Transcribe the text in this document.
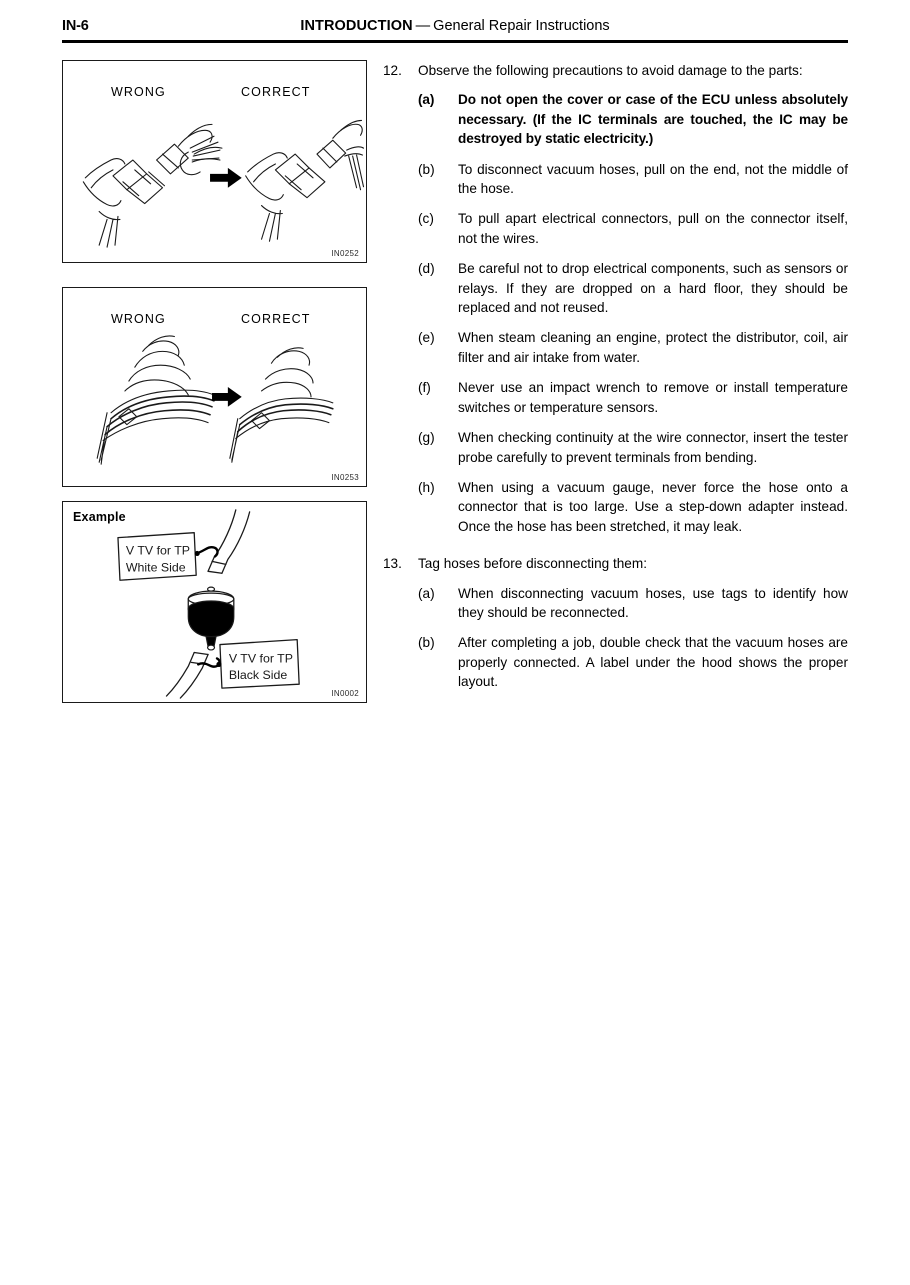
IN-6	INTRODUCTION — General Repair Instructions
WRONG	CORRECT
IN0252
WRONG	CORRECT
IN0253
Example
V TV for TP
White Side
V TV for TP
Black Side
IN0002
12.	Observe the following precautions to avoid damage to the parts:
(a)	Do not open the cover or case of the ECU unless absolutely necessary. (If the IC terminals are touched, the IC may be destroyed by static electricity.)
(b)	To disconnect vacuum hoses, pull on the end, not the middle of the hose.
(c)	To pull apart electrical connectors, pull on the connector itself, not the wires.
(d)	Be careful not to drop electrical components, such as sensors or relays. If they are dropped on a hard floor, they should be replaced and not reused.
(e)	When steam cleaning an engine, protect the distributor, coil, air filter and air intake from water.
(f)	Never use an impact wrench to remove or install temperature switches or temperature sensors.
(g)	When checking continuity at the wire connector, insert the tester probe carefully to prevent terminals from bending.
(h)	When using a vacuum gauge, never force the hose onto a connector that is too large. Use a step-down adapter instead. Once the hose has been stretched, it may leak.
13.	Tag hoses before disconnecting them:
(a)	When disconnecting vacuum hoses, use tags to identify how they should be reconnected.
(b)	After completing a job, double check that the vacuum hoses are properly connected. A label under the hood shows the proper layout.
